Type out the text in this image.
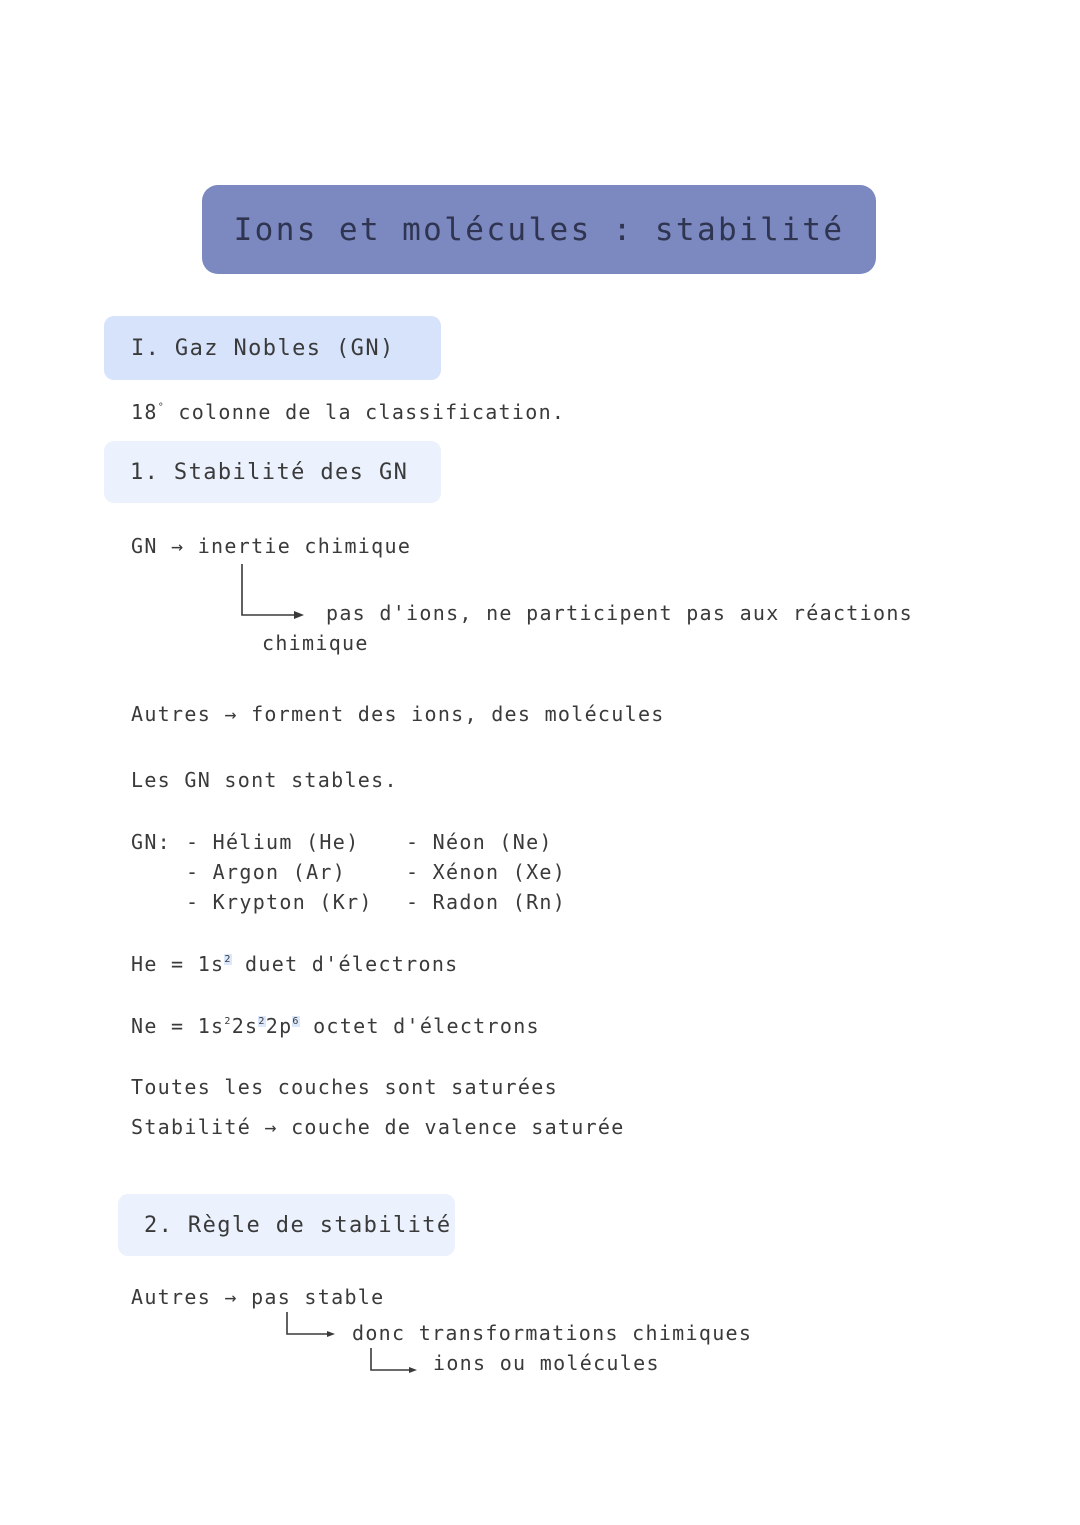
Ions et molécules : stabilité
I. Gaz Nobles (GN)
18° colonne de la classification.
1. Stabilité des GN
GN → inertie chimique
pas d'ions, ne participent pas aux réactions
chimique
Autres → forment des ions, des molécules
Les GN sont stables.
GN: - Hélium (He)
- Argon (Ar)
- Krypton (Kr)
- Néon (Ne)
- Xénon (Xe)
- Radon (Rn)
$He = 1s^2$ duet d'électrons
$Ne = 1s^22s^22p^6$ octet d'électrons
Toutes les couches sont saturées
Stabilité → couche de valence saturée
2. Règle de stabilité
Autres → pas stable
donc transformations chimiques
ions ou molécules
